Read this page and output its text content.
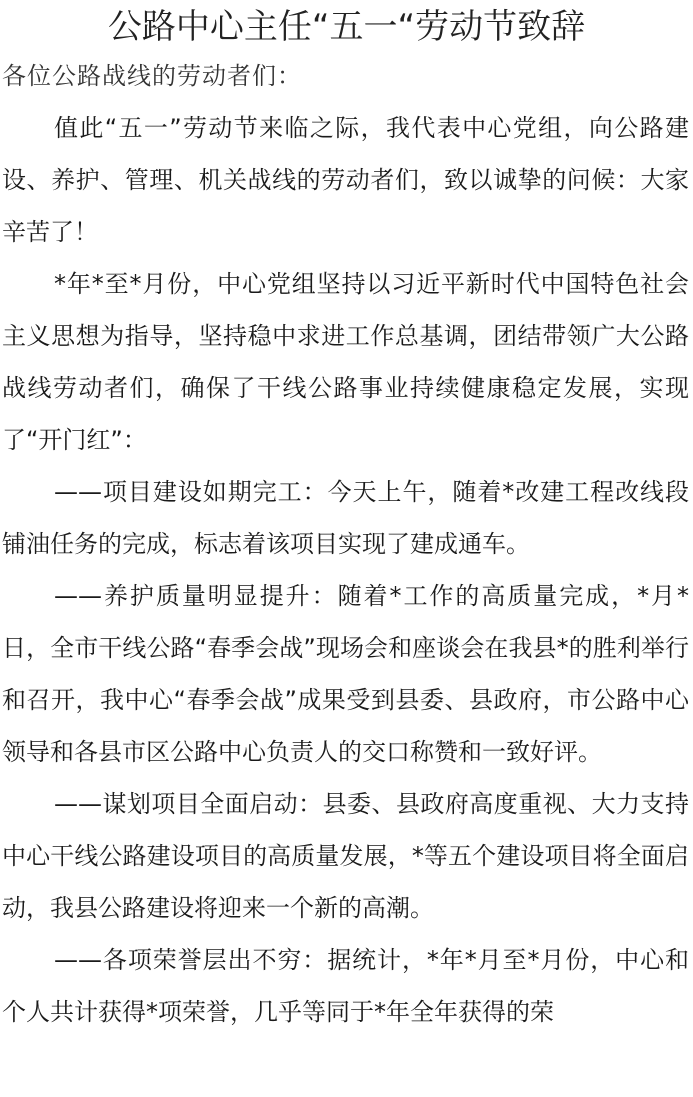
公路中心主任“五一“劳动节致辞

各位公路战线的劳动者们：

值此“五一”劳动节来临之际，我代表中心党组，向公路建设、养护、管理、机关战线的劳动者们，致以诚挚的问候：大家辛苦了！

*年*至*月份，中心党组坚持以习近平新时代中国特色社会主义思想为指导，坚持稳中求进工作总基调，团结带领广大公路战线劳动者们，确保了干线公路事业持续健康稳定发展，实现了“开门红”：

——项目建设如期完工：今天上午，随着*改建工程改线段铺油任务的完成，标志着该项目实现了建成通车。

——养护质量明显提升：随着*工作的高质量完成，*月*日，全市干线公路“春季会战”现场会和座谈会在我县*的胜利举行和召开，我中心“春季会战”成果受到县委、县政府，市公路中心领导和各县市区公路中心负责人的交口称赞和一致好评。

——谋划项目全面启动：县委、县政府高度重视、大力支持中心干线公路建设项目的高质量发展，*等五个建设项目将全面启动，我县公路建设将迎来一个新的高潮。

——各项荣誉层出不穷：据统计，*年*月至*月份，中心和个人共计获得*项荣誉，几乎等同于*年全年获得的荣
